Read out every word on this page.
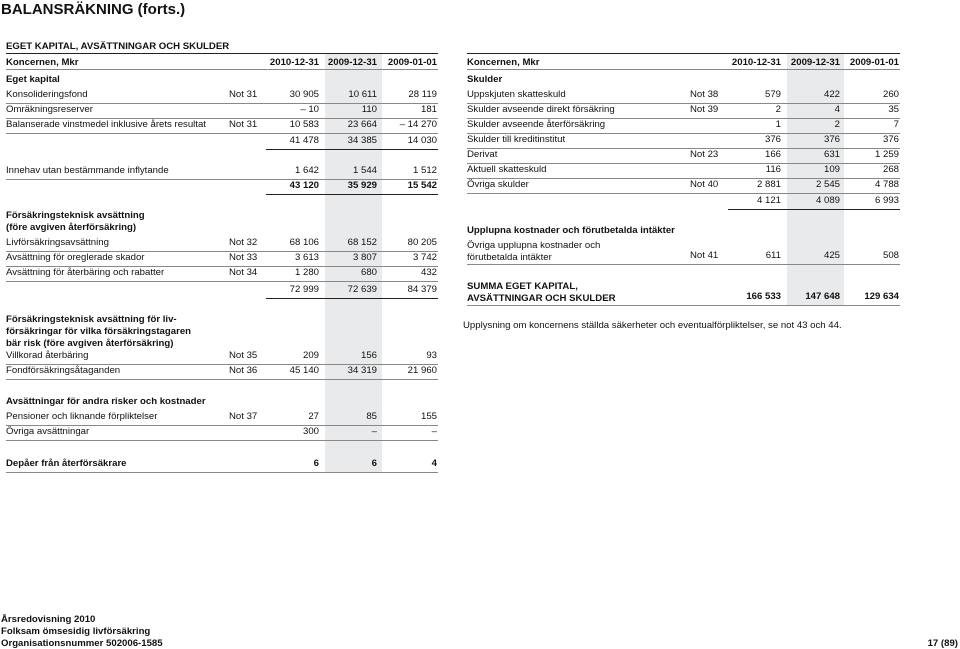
BALANSRÄKNING (forts.)
EGET KAPITAL, AVSÄTTNINGAR OCH SKULDER
Koncernen, Mkr	2010-12-31 2009-12-31	2009-01-01
Eget kapital
Konsolideringsfond	Not 31	30 905	10 611	28 119
Omräkningsreserver	– 10	110	181
Balanserade vinstmedel inklusive årets resultat Not 31	10 583	23 664	– 14 270
41 478	34 385	14 030
Innehav utan bestämmande inflytande	1 642	1 544	1 512
43 120	35 929	15 542
Försäkringsteknisk avsättning
(före avgiven återförsäkring)
Livförsäkringsavsättning	Not 32	68 106	68 152	80 205
Avsättning för oreglerade skador	Not 33	3 613	3 807	3 742
Avsättning för återbäring och rabatter	Not 34	1 280	680	432
72 999	72 639	84 379
Försäkringsteknisk avsättning för liv-
försäkringar för vilka försäkringstagaren
bär risk (före avgiven återförsäkring)
Villkorad återbäring	Not 35	209	156	93
Fondförsäkringsåtaganden	Not 36	45 140	34 319	21 960
Avsättningar för andra risker och kostnader
Pensioner och liknande förpliktelser	Not 37	27	85	155
Övriga avsättningar	300	–	–
Depåer från återförsäkrare	6	6	4
Koncernen, Mkr	2010-12-31	2009-12-31	2009-01-01
Skulder
Uppskjuten skatteskuld	Not 38	579	422	260
Skulder avseende direkt försäkring	Not 39	2	4	35
Skulder avseende återförsäkring	1	2	7
Skulder till kreditinstitut	376	376	376
Derivat	Not 23	166	631	1 259
Aktuell skatteskuld	116	109	268
Övriga skulder	Not 40	2 881	2 545	4 788
4 121	4 089	6 993
Upplupna kostnader och förutbetalda intäkter
Övriga upplupna kostnader och
förutbetalda intäkter	Not 41	611	425	508
SUMMA EGET KAPITAL,
AVSÄTTNINGAR OCH SKULDER	166 533	147 648	129 634
Upplysning om koncernens ställda säkerheter och eventualförpliktelser, se not 43 och 44.
Årsredovisning 2010
Folksam ömsesidig livförsäkring
Organisationsnummer 502006-1585	17 (89)
